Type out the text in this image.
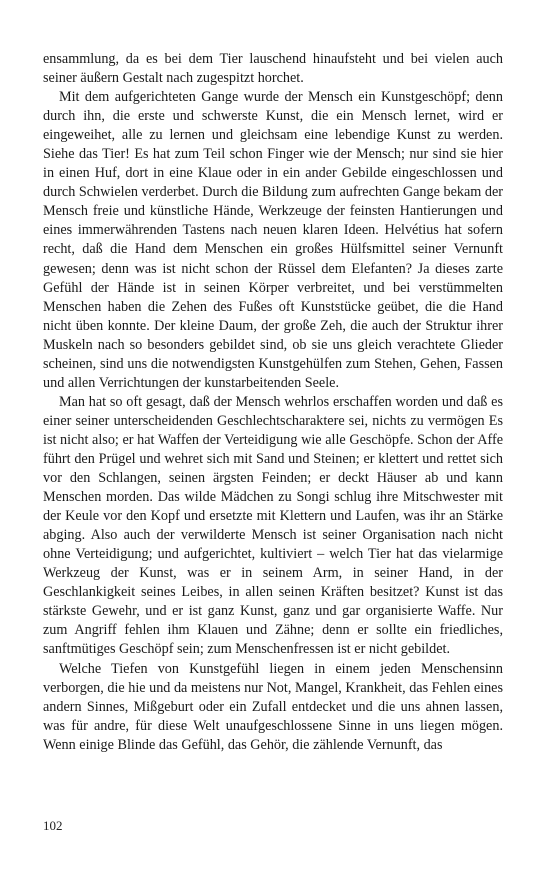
ensammlung, da es bei dem Tier lauschend hinaufsteht und bei vielen auch seiner äußern Gestalt nach zugespitzt horchet.

Mit dem aufgerichteten Gange wurde der Mensch ein Kunstgeschöpf; denn durch ihn, die erste und schwerste Kunst, die ein Mensch lernet, wird er eingeweihet, alle zu lernen und gleichsam eine lebendige Kunst zu werden. Siehe das Tier! Es hat zum Teil schon Finger wie der Mensch; nur sind sie hier in einen Huf, dort in eine Klaue oder in ein ander Gebilde eingeschlossen und durch Schwielen verderbet. Durch die Bildung zum aufrechten Gange bekam der Mensch freie und künstliche Hände, Werkzeuge der feinsten Hantierungen und eines immerwährenden Tastens nach neuen klaren Ideen. Helvétius hat sofern recht, daß die Hand dem Menschen ein großes Hülfsmittel seiner Vernunft gewesen; denn was ist nicht schon der Rüssel dem Elefanten? Ja dieses zarte Gefühl der Hände ist in seinen Körper verbreitet, und bei verstümmelten Menschen haben die Zehen des Fußes oft Kunststücke geübet, die die Hand nicht üben konnte. Der kleine Daum, der große Zeh, die auch der Struktur ihrer Muskeln nach so besonders gebildet sind, ob sie uns gleich verachtete Glieder scheinen, sind uns die notwendigsten Kunstgehülfen zum Stehen, Gehen, Fassen und allen Verrichtungen der kunstarbeitenden Seele.

Man hat so oft gesagt, daß der Mensch wehrlos erschaffen worden und daß es einer seiner unterscheidenden Geschlechtscharaktere sei, nichts zu vermögen Es ist nicht also; er hat Waffen der Verteidigung wie alle Geschöpfe. Schon der Affe führt den Prügel und wehret sich mit Sand und Steinen; er klettert und rettet sich vor den Schlangen, seinen ärgsten Feinden; er deckt Häuser ab und kann Menschen morden. Das wilde Mädchen zu Songi schlug ihre Mitschwester mit der Keule vor den Kopf und ersetzte mit Klettern und Laufen, was ihr an Stärke abging. Also auch der verwilderte Mensch ist seiner Organisation nach nicht ohne Verteidigung; und aufgerichtet, kultiviert – welch Tier hat das vielarmige Werkzeug der Kunst, was er in seinem Arm, in seiner Hand, in der Geschlankigkeit seines Leibes, in allen seinen Kräften besitzet? Kunst ist das stärkste Gewehr, und er ist ganz Kunst, ganz und gar organisierte Waffe. Nur zum Angriff fehlen ihm Klauen und Zähne; denn er sollte ein friedliches, sanftmütiges Geschöpf sein; zum Menschenfressen ist er nicht gebildet.

Welche Tiefen von Kunstgefühl liegen in einem jeden Menschensinn verborgen, die hie und da meistens nur Not, Mangel, Krankheit, das Fehlen eines andern Sinnes, Mißgeburt oder ein Zufall entdecket und die uns ahnen lassen, was für andre, für diese Welt unaufgeschlossene Sinne in uns liegen mögen. Wenn einige Blinde das Gefühl, das Gehör, die zählende Vernunft, das

102
